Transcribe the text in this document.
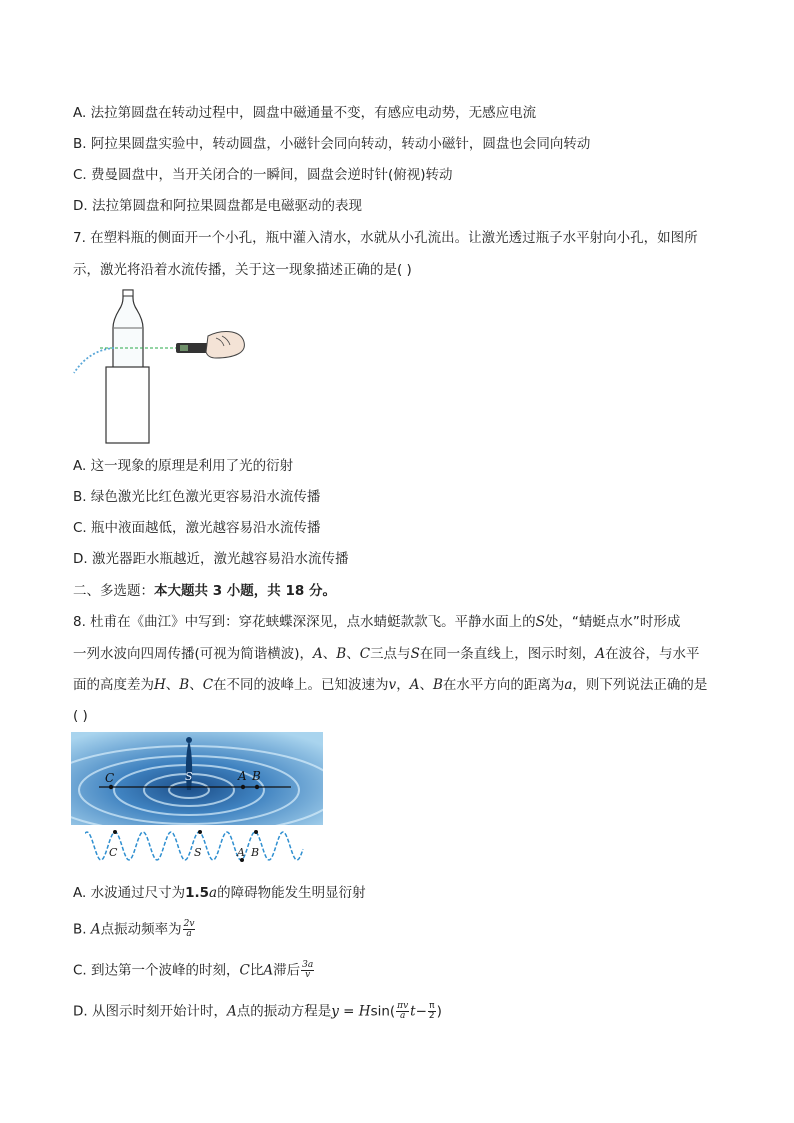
A. 法拉第圆盘在转动过程中，圆盘中磁通量不变，有感应电动势，无感应电流
B. 阿拉果圆盘实验中，转动圆盘，小磁针会同向转动，转动小磁针，圆盘也会同向转动
C. 费曼圆盘中，当开关闭合的一瞬间，圆盘会逆时针(俯视)转动
D. 法拉第圆盘和阿拉果圆盘都是电磁驱动的表现
7. 在塑料瓶的侧面开一个小孔，瓶中灌入清水，水就从小孔流出。让激光透过瓶子水平射向小孔，如图所
示，激光将沿着水流传播，关于这一现象描述正确的是( )
A. 这一现象的原理是利用了光的衍射
B. 绿色激光比红色激光更容易沿水流传播
C. 瓶中液面越低，激光越容易沿水流传播
D. 激光器距水瓶越近，激光越容易沿水流传播
二、多选题：本大题共 3 小题，共 18 分。
8. 杜甫在《曲江》中写到：穿花蛱蝶深深见，点水蜻蜓款款飞。平静水面上的S处，“蜻蜓点水”时形成
一列水波向四周传播(可视为简谐横波)，A、B、C三点与S在同一条直线上，图示时刻，A在波谷，与水平
面的高度差为H、B、C在不同的波峰上。已知波速为v，A、B在水平方向的距离为a，则下列说法正确的是
( )
C	A B
S
C	S	A B
A. 水波通过尺寸为1.5a的障碍物能发生明显衍射
B. A点振动频率为 $\frac{2v}{a}$
C. 到达第一个波峰的时刻，C比A滞后 $\frac{3a}{v}$
D. 从图示时刻开始计时，A点的振动方程是$y = Hsin( \frac{\pi v}{a} t- \frac{\pi}{2}$ )
